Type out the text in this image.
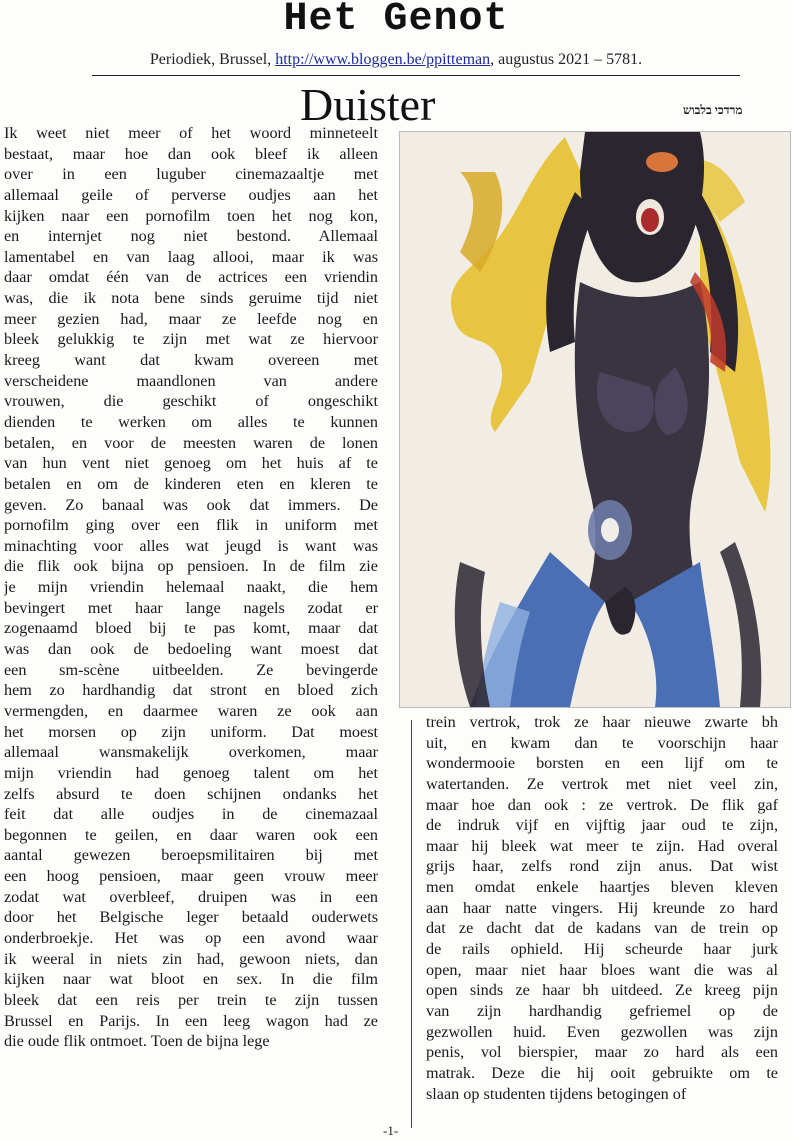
Het Genot
Periodiek, Brussel, http://www.bloggen.be/ppitteman, augustus 2021 – 5781.
Duister	מרדכי בלבוש
Ik weet niet meer of het woord minneteelt
bestaat, maar hoe dan ook bleef ik alleen
over in een luguber cinemazaaltje met
allemaal geile of perverse oudjes aan het
kijken naar een pornofilm toen het nog kon,
en internjet nog niet bestond. Allemaal
lamentabel en van laag allooi, maar ik was
daar omdat één van de actrices een vriendin
was, die ik nota bene sinds geruime tijd niet
meer gezien had, maar ze leefde nog en
bleek gelukkig te zijn met wat ze hiervoor
kreeg want dat kwam overeen met
verscheidene maandlonen van andere
vrouwen, die geschikt of ongeschikt
dienden te werken om alles te kunnen
betalen, en voor de meesten waren de lonen
van hun vent niet genoeg om het huis af te
betalen en om de kinderen eten en kleren te
geven. Zo banaal was ook dat immers. De
pornofilm ging over een flik in uniform met
minachting voor alles wat jeugd is want was
die flik ook bijna op pensioen. In de film zie
je mijn vriendin helemaal naakt, die hem
bevingert met haar lange nagels zodat er
zogenaamd bloed bij te pas komt, maar dat
was dan ook de bedoeling want moest dat
een sm-scène uitbeelden. Ze bevingerde
hem zo hardhandig dat stront en bloed zich
vermengden, en daarmee waren ze ook aan
het morsen op zijn uniform. Dat moest
allemaal wansmakelijk overkomen, maar
mijn vriendin had genoeg talent om het
zelfs absurd te doen schijnen ondanks het
feit dat alle oudjes in de cinemazaal
begonnen te geilen, en daar waren ook een
aantal gewezen beroepsmilitairen bij met
een hoog pensioen, maar geen vrouw meer
zodat wat overbleef, druipen was in een
door het Belgische leger betaald ouderwets
onderbroekje. Het was op een avond waar
ik weeral in niets zin had, gewoon niets, dan
kijken naar wat bloot en sex. In die film
bleek dat een reis per trein te zijn tussen
Brussel en Parijs. In een leeg wagon had ze
die oude flik ontmoet. Toen de bijna lege
trein vertrok, trok ze haar nieuwe zwarte bh
uit, en kwam dan te voorschijn haar
wondermooie borsten en een lijf om te
watertanden. Ze vertrok met niet veel zin,
maar hoe dan ook : ze vertrok. De flik gaf
de indruk vijf en vijftig jaar oud te zijn,
maar hij bleek wat meer te zijn. Had overal
grijs haar, zelfs rond zijn anus. Dat wist
men omdat enkele haartjes bleven kleven
aan haar natte vingers. Hij kreunde zo hard
dat ze dacht dat de kadans van de trein op
de rails ophield. Hij scheurde haar jurk
open, maar niet haar bloes want die was al
open sinds ze haar bh uitdeed. Ze kreeg pijn
van zijn hardhandig gefriemel op de
gezwollen huid. Even gezwollen was zijn
penis, vol bierspier, maar zo hard als een
matrak. Deze die hij ooit gebruikte om te
slaan op studenten tijdens betogingen of
-1-
